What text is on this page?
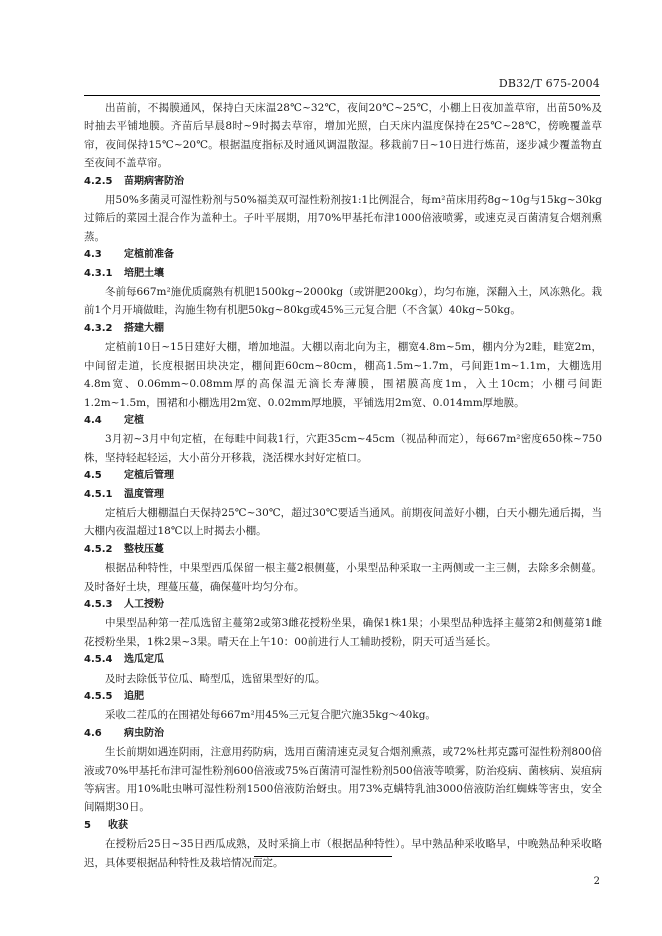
DB32/T 675-2004

出苗前，不揭膜通风，保持白天床温28℃~32℃，夜间20℃~25℃，小棚上日夜加盖草帘，出苗50%及时抽去平铺地膜。齐苗后早晨8时~9时揭去草帘，增加光照，白天床内温度保持在25℃~28℃，傍晚覆盖草帘，夜间保持15℃~20℃。根据温度指标及时通风调温散湿。移栽前7日~10日进行炼苗，逐步减少覆盖物直至夜间不盖草帘。

4.2.5 苗期病害防治

用50%多菌灵可湿性粉剂与50%福美双可湿性粉剂按1:1比例混合，每m²苗床用药8g~10g与15kg~30kg过筛后的菜园土混合作为盖种土。子叶平展期，用70%甲基托布津1000倍液喷雾，或速克灵百菌清复合烟剂熏蒸。

4.3 定植前准备

4.3.1 培肥土壤

冬前每667m²施优质腐熟有机肥1500kg~2000kg（或饼肥200kg），均匀布施，深翻入土，风冻熟化。栽前1个月开墒做畦，沟施生物有机肥50kg~80kg或45%三元复合肥（不含氯）40kg~50kg。

4.3.2 搭建大棚

定植前10日~15日建好大棚，增加地温。大棚以南北向为主，棚宽4.8m~5m，棚内分为2畦，畦宽2m，中间留走道，长度根据田块决定，棚间距60cm~80cm，棚高1.5m~1.7m，弓间距1m~1.1m，大棚选用4.8m宽、0.06mm~0.08mm厚的高保温无滴长寿薄膜，围裙膜高度1m，入土10cm；小棚弓间距1.2m~1.5m，围裙和小棚选用2m宽、0.02mm厚地膜，平铺选用2m宽、0.014mm厚地膜。

4.4 定植

3月初~3月中旬定植，在每畦中间栽1行，穴距35cm~45cm（视品种而定），每667m²密度650株~750株，坚持轻起轻运，大小苗分开移栽，浇活棵水封好定植口。

4.5 定植后管理

4.5.1 温度管理

定植后大棚棚温白天保持25℃~30℃，超过30℃要适当通风。前期夜间盖好小棚，白天小棚先通后揭，当大棚内夜温超过18℃以上时揭去小棚。

4.5.2 整枝压蔓

根据品种特性，中果型西瓜保留一根主蔓2根侧蔓，小果型品种采取一主两侧或一主三侧，去除多余侧蔓。及时备好土块，理蔓压蔓，确保蔓叶均匀分布。

4.5.3 人工授粉

中果型品种第一茬瓜选留主蔓第2或第3雌花授粉坐果，确保1株1果；小果型品种选择主蔓第2和侧蔓第1雌花授粉坐果，1株2果~3果。晴天在上午10：00前进行人工辅助授粉，阴天可适当延长。

4.5.4 选瓜定瓜

及时去除低节位瓜、畸型瓜，选留果型好的瓜。

4.5.5 追肥

采收二茬瓜的在围裙处每667m²用45%三元复合肥穴施35kg～40kg。

4.6 病虫防治

生长前期如遇连阴雨，注意用药防病，选用百菌清速克灵复合烟剂熏蒸，或72%杜邦克露可湿性粉剂800倍液或70%甲基托布津可湿性粉剂600倍液或75%百菌清可湿性粉剂500倍液等喷雾，防治疫病、菌核病、炭疽病等病害。用10%吡虫啉可湿性粉剂1500倍液防治蚜虫。用73%克螨特乳油3000倍液防治红蜘蛛等害虫，安全间隔期30日。

5 收获

在授粉后25日~35日西瓜成熟，及时采摘上市（根据品种特性）。早中熟品种采收略早，中晚熟品种采收略迟，具体要根据品种特性及栽培情况而定。

2
